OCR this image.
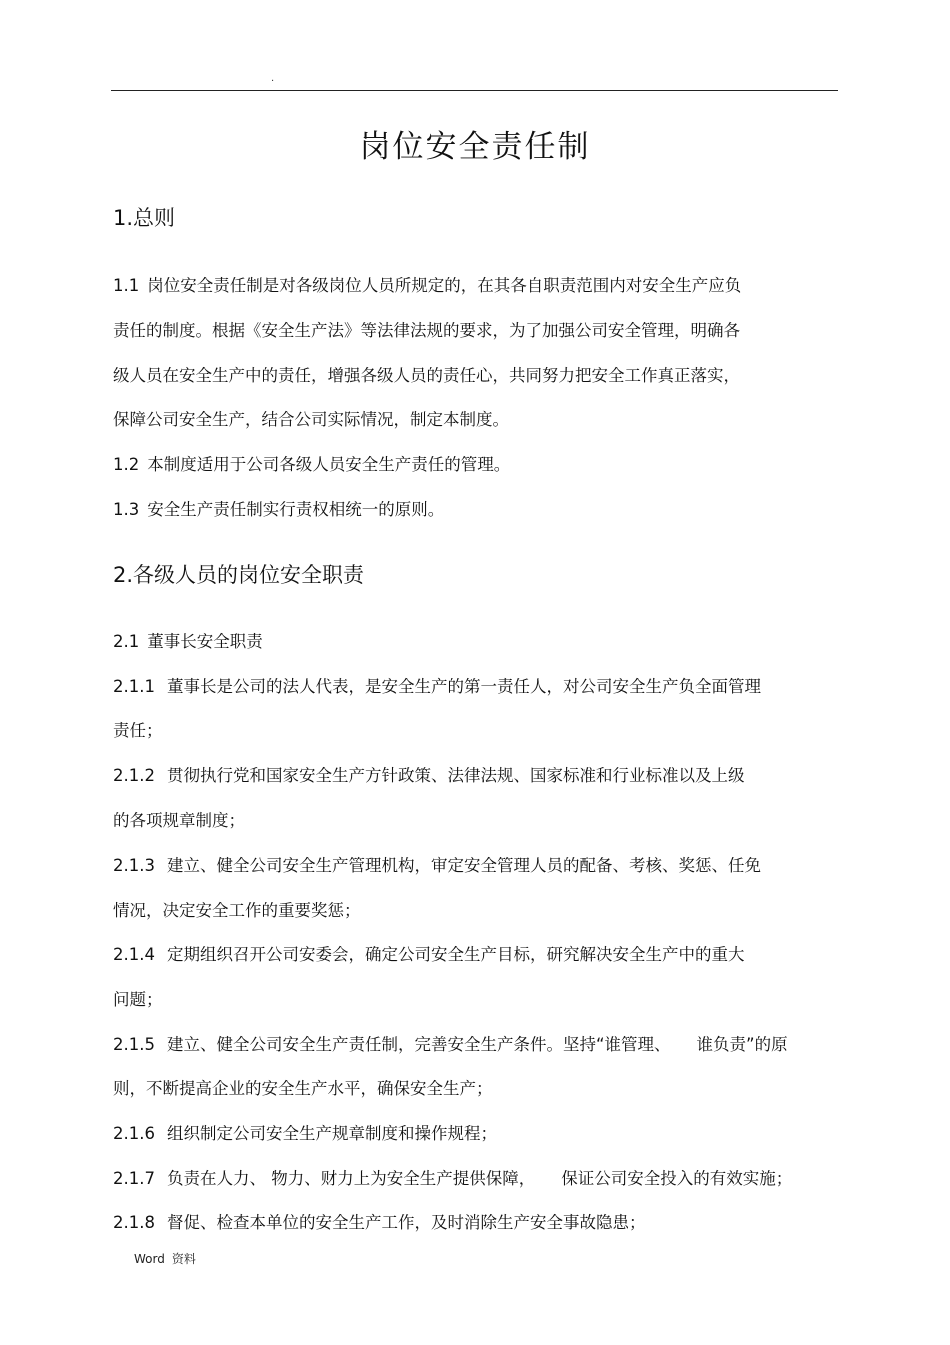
.
岗位安全责任制
1.总则
1.1 岗位安全责任制是对各级岗位人员所规定的，在其各自职责范围内对安全生产应负
责任的制度。根据《安全生产法》等法律法规的要求，为了加强公司安全管理，明确各
级人员在安全生产中的责任，增强各级人员的责任心，共同努力把安全工作真正落实，
保障公司安全生产，结合公司实际情况，制定本制度。
1.2 本制度适用于公司各级人员安全生产责任的管理。
1.3 安全生产责任制实行责权相统一的原则。
2.各级人员的岗位安全职责
2.1 董事长安全职责
2.1.1 董事长是公司的法人代表，是安全生产的第一责任人，对公司安全生产负全面管理
责任；
2.1.2 贯彻执行党和国家安全生产方针政策、法律法规、国家标准和行业标准以及上级
的各项规章制度；
2.1.3 建立、健全公司安全生产管理机构，审定安全管理人员的配备、考核、奖惩、任免
情况，决定安全工作的重要奖惩；
2.1.4 定期组织召开公司安委会，确定公司安全生产目标，研究解决安全生产中的重大
问题；
2.1.5 建立、健全公司安全生产责任制，完善安全生产条件。坚持“谁管理、 谁负责”的原
则，不断提高企业的安全生产水平，确保安全生产；
2.1.6 组织制定公司安全生产规章制度和操作规程；
2.1.7 负责在人力、 物力、财力上为安全生产提供保障， 保证公司安全投入的有效实施；
2.1.8 督促、检查本单位的安全生产工作，及时消除生产安全事故隐患；
Word 资料
